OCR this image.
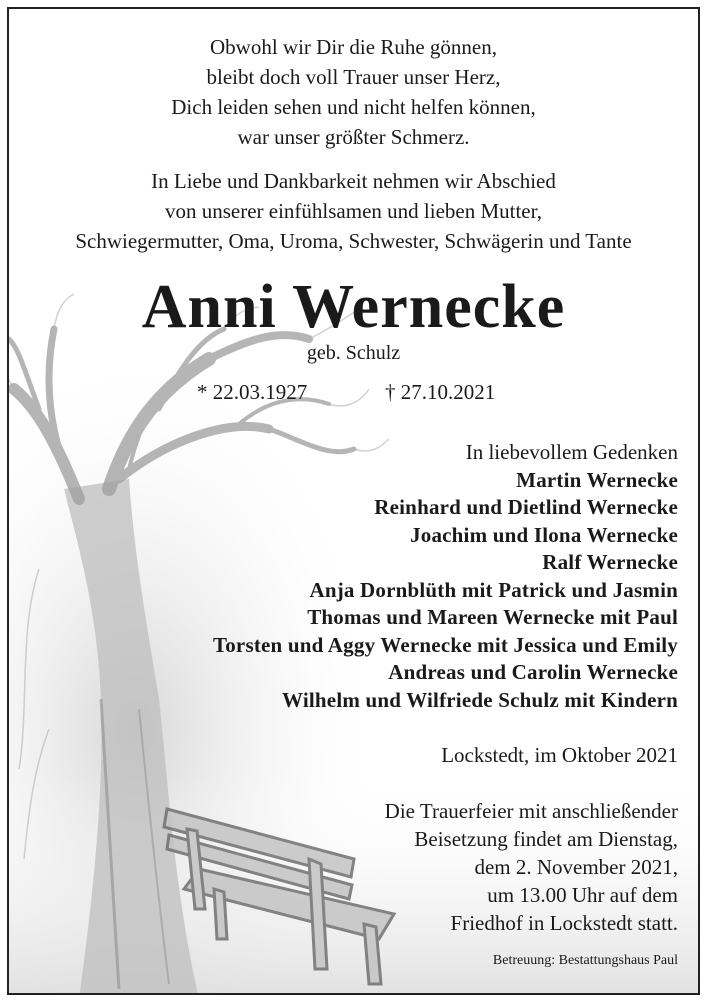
Obwohl wir Dir die Ruhe gönnen,
bleibt doch voll Trauer unser Herz,
Dich leiden sehen und nicht helfen können,
war unser größter Schmerz.
In Liebe und Dankbarkeit nehmen wir Abschied
von unserer einfühlsamen und lieben Mutter,
Schwiegermutter, Oma, Uroma, Schwester, Schwägerin und Tante
Anni Wernecke
geb. Schulz
* 22.03.1927	† 27.10.2021
In liebevollem Gedenken
Martin Wernecke
Reinhard und Dietlind Wernecke
Joachim und Ilona Wernecke
Ralf Wernecke
Anja Dornblüth mit Patrick und Jasmin
Thomas und Mareen Wernecke mit Paul
Torsten und Aggy Wernecke mit Jessica und Emily
Andreas und Carolin Wernecke
Wilhelm und Wilfriede Schulz mit Kindern
Lockstedt, im Oktober 2021
Die Trauerfeier mit anschließender
Beisetzung findet am Dienstag,
dem 2. November 2021,
um 13.00 Uhr auf dem
Friedhof in Lockstedt statt.
Betreuung: Bestattungshaus Paul
